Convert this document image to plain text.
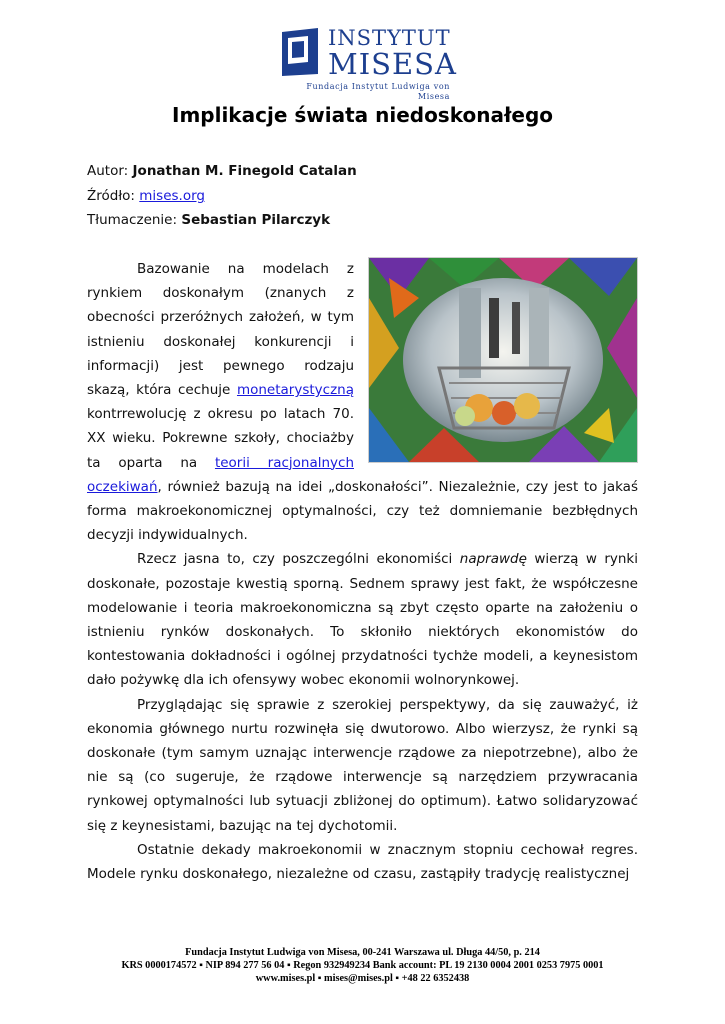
INSTYTUT
MISESA
Fundacja Instytut Ludwiga von Misesa
Implikacje świata niedoskonałego
Autor: Jonathan M. Finegold Catalan
Źródło: mises.org
Tłumaczenie: Sebastian Pilarczyk

Bazowanie na modelach z rynkiem doskonałym (znanych z obecności przeróżnych założeń, w tym istnieniu doskonałej konkurencji i informacji) jest pewnego rodzaju skazą, która cechuje monetarystyczną kontrrewolucję z okresu po latach 70. XX wieku. Pokrewne szkoły, chociażby ta oparta na teorii racjonalnych oczekiwań, również bazują na idei „doskonałości”. Niezależnie, czy jest to jakaś forma makroekonomicznej optymalności, czy też domniemanie bezbłędnych decyzji indywidualnych.

Rzecz jasna to, czy poszczególni ekonomiści naprawdę wierzą w rynki doskonałe, pozostaje kwestią sporną. Sednem sprawy jest fakt, że współczesne modelowanie i teoria makroekonomiczna są zbyt często oparte na założeniu o istnieniu rynków doskonałych. To skłoniło niektórych ekonomistów do kontestowania dokładności i ogólnej przydatności tychże modeli, a keynesistom dało pożywkę dla ich ofensywy wobec ekonomii wolnorynkowej.

Przyglądając się sprawie z szerokiej perspektywy, da się zauważyć, iż ekonomia głównego nurtu rozwinęła się dwutorowo. Albo wierzysz, że rynki są doskonałe (tym samym uznając interwencje rządowe za niepotrzebne), albo że nie są (co sugeruje, że rządowe interwencje są narzędziem przywracania rynkowej optymalności lub sytuacji zbliżonej do optimum). Łatwo solidaryzować się z keynesistami, bazując na tej dychotomii.

Ostatnie dekady makroekonomii w znacznym stopniu cechował regres. Modele rynku doskonałego, niezależne od czasu, zastąpiły tradycję realistycznej

Fundacja Instytut Ludwiga von Misesa, 00-241 Warszawa ul. Długa 44/50, p. 214
KRS 0000174572 ▪ NIP 894 277 56 04 ▪ Regon 932949234 Bank account: PL 19 2130 0004 2001 0253 7975 0001
www.mises.pl ▪ mises@mises.pl ▪ +48 22 6352438
